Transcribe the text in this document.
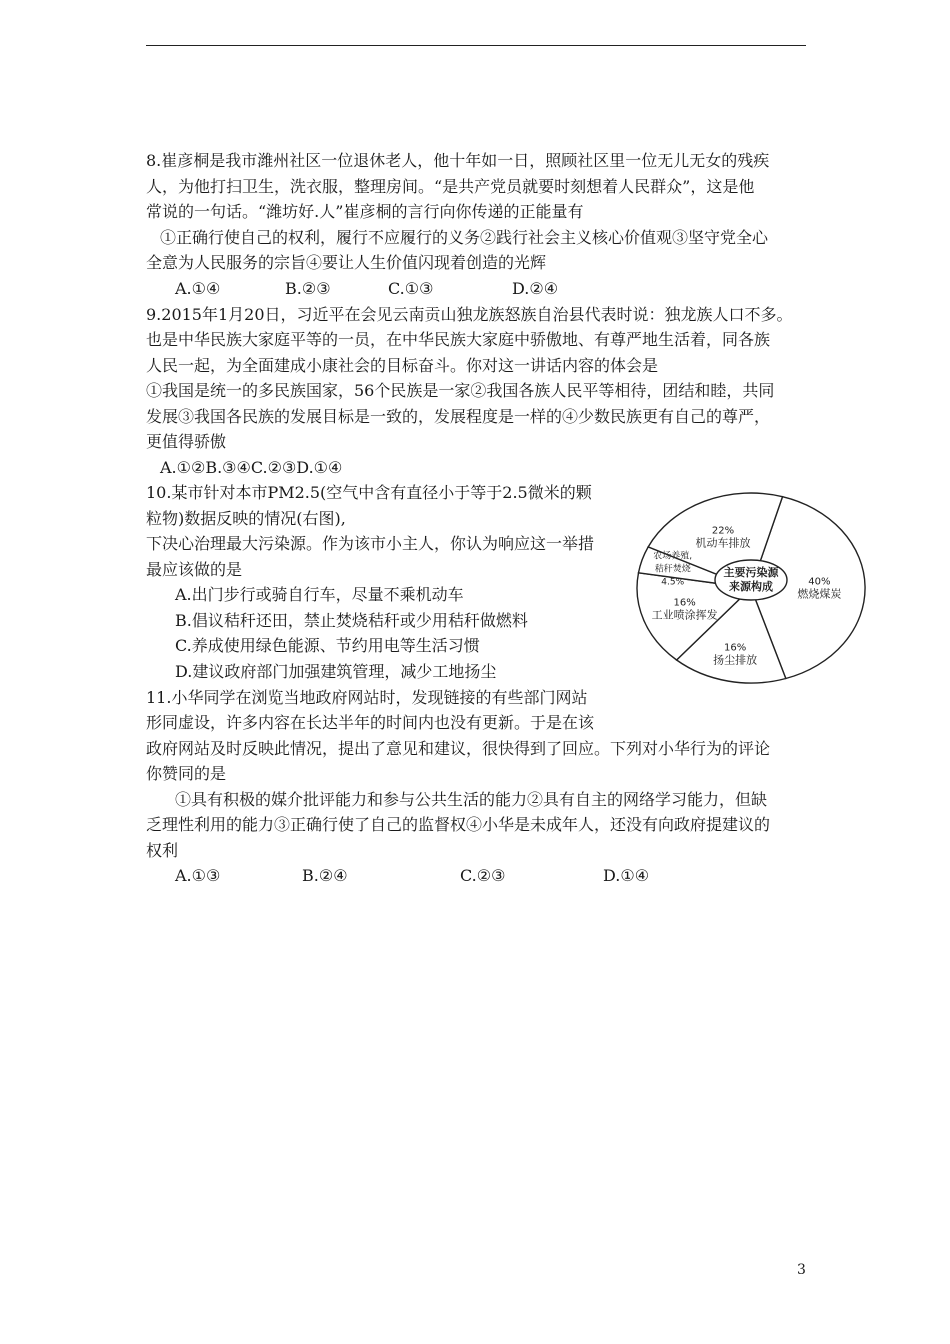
8.崔彦桐是我市潍州社区一位退休老人，他十年如一日，照顾社区里一位无儿无女的残疾
人，为他打扫卫生，洗衣服，整理房间。“是共产党员就要时刻想着人民群众”，这是他
常说的一句话。“潍坊好.人”崔彦桐的言行向你传递的正能量有
①正确行使自己的权利，履行不应履行的义务②践行社会主义核心价值观③坚守党全心
全意为人民服务的宗旨④要让人生价值闪现着创造的光辉
A.①④	B.②③	C.①③	D.②④
9.2015年1月20日，习近平在会见云南贡山独龙族怒族自治县代表时说：独龙族人口不多。
也是中华民族大家庭平等的一员，在中华民族大家庭中骄傲地、有尊严地生活着，同各族
人民一起，为全面建成小康社会的目标奋斗。你对这一讲话内容的体会是
①我国是统一的多民族国家，56个民族是一家②我国各族人民平等相待，团结和睦，共同
发展③我国各民族的发展目标是一致的，发展程度是一样的④少数民族更有自己的尊严，
更值得骄傲
A.①②B.③④C.②③D.①④
10.某市针对本市PM2.5(空气中含有直径小于等于2.5微米的颗
粒物)数据反映的情况(右图),
下决心治理最大污染源。作为该市小主人，你认为响应这一举措
最应该做的是
A.出门步行或骑自行车，尽量不乘机动车
B.倡议秸秆还田，禁止焚烧秸秆或少用秸秆做燃料
C.养成使用绿色能源、节约用电等生活习惯
D.建议政府部门加强建筑管理，减少工地扬尘
40%
燃烧煤炭
16%
扬尘排放
16%
工业喷涂挥发
农场养殖,
秸秆焚烧
4.5%
22%
机动车排放
主要污染源
来源构成
11.小华同学在浏览当地政府网站时，发现链接的有些部门网站
形同虚设，许多内容在长达半年的时间内也没有更新。于是在该
政府网站及时反映此情况，提出了意见和建议，很快得到了回应。下列对小华行为的评论
你赞同的是
①具有积极的媒介批评能力和参与公共生活的能力②具有自主的网络学习能力，但缺
乏理性利用的能力③正确行使了自己的监督权④小华是未成年人，还没有向政府提建议的
权利
A.①③	B.②④	C.②③	D.①④
3
